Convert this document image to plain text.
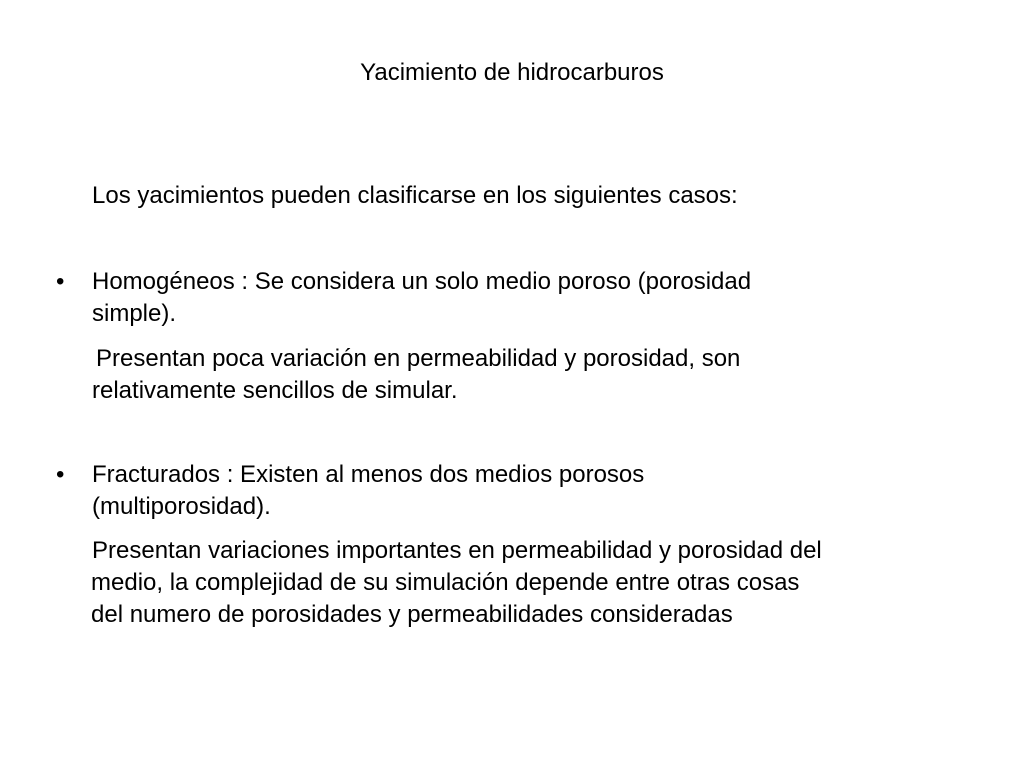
Yacimiento de hidrocarburos
Los yacimientos pueden clasificarse en los siguientes casos:
• Homogéneos : Se considera un solo medio poroso (porosidad
simple).
Presentan poca variación en permeabilidad y porosidad, son
relativamente sencillos de simular.
• Fracturados : Existen al menos dos medios porosos
(multiporosidad).
Presentan variaciones importantes en permeabilidad y porosidad del
medio, la complejidad de su simulación depende entre otras cosas
del numero de porosidades y permeabilidades consideradas
